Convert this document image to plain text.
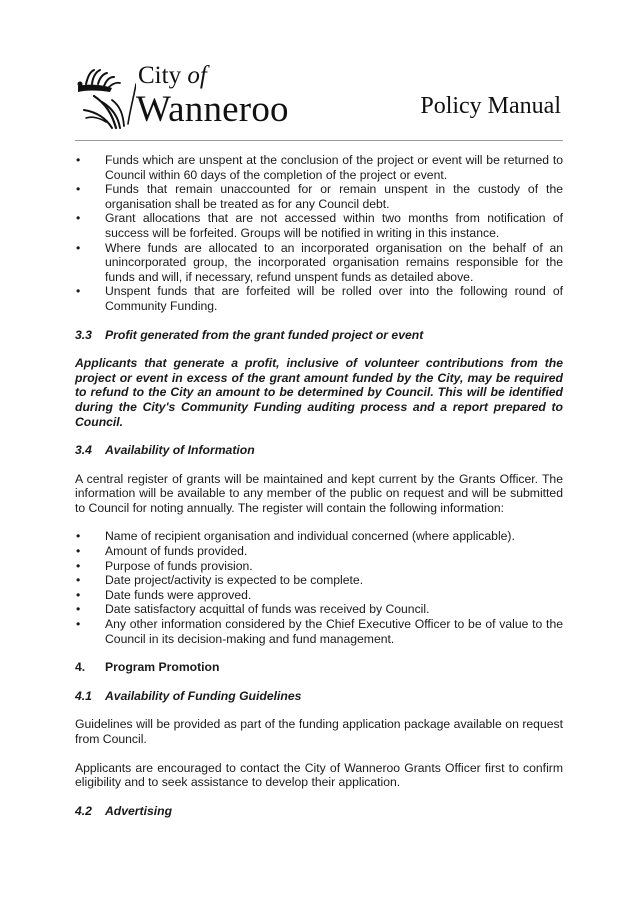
City of
Wanneroo	Policy Manual
• Funds which are unspent at the conclusion of the project or event will be returned to Council within 60 days of the completion of the project or event.
• Funds that remain unaccounted for or remain unspent in the custody of the organisation shall be treated as for any Council debt.
• Grant allocations that are not accessed within two months from notification of success will be forfeited. Groups will be notified in writing in this instance.
• Where funds are allocated to an incorporated organisation on the behalf of an unincorporated group, the incorporated organisation remains responsible for the funds and will, if necessary, refund unspent funds as detailed above.
• Unspent funds that are forfeited will be rolled over into the following round of Community Funding.
3.3	Profit generated from the grant funded project or event

Applicants that generate a profit, inclusive of volunteer contributions from the project or event in excess of the grant amount funded by the City, may be required to refund to the City an amount to be determined by Council. This will be identified during the City's Community Funding auditing process and a report prepared to Council.

3.4	Availability of Information

A central register of grants will be maintained and kept current by the Grants Officer. The information will be available to any member of the public on request and will be submitted to Council for noting annually. The register will contain the following information:

• Name of recipient organisation and individual concerned (where applicable).
• Amount of funds provided.
• Purpose of funds provision.
• Date project/activity is expected to be complete.
• Date funds were approved.
• Date satisfactory acquittal of funds was received by Council.
• Any other information considered by the Chief Executive Officer to be of value to the Council in its decision-making and fund management.
4.	Program Promotion
4.1	Availability of Funding Guidelines

Guidelines will be provided as part of the funding application package available on request from Council.

Applicants are encouraged to contact the City of Wanneroo Grants Officer first to confirm eligibility and to seek assistance to develop their application.

4.2	Advertising
